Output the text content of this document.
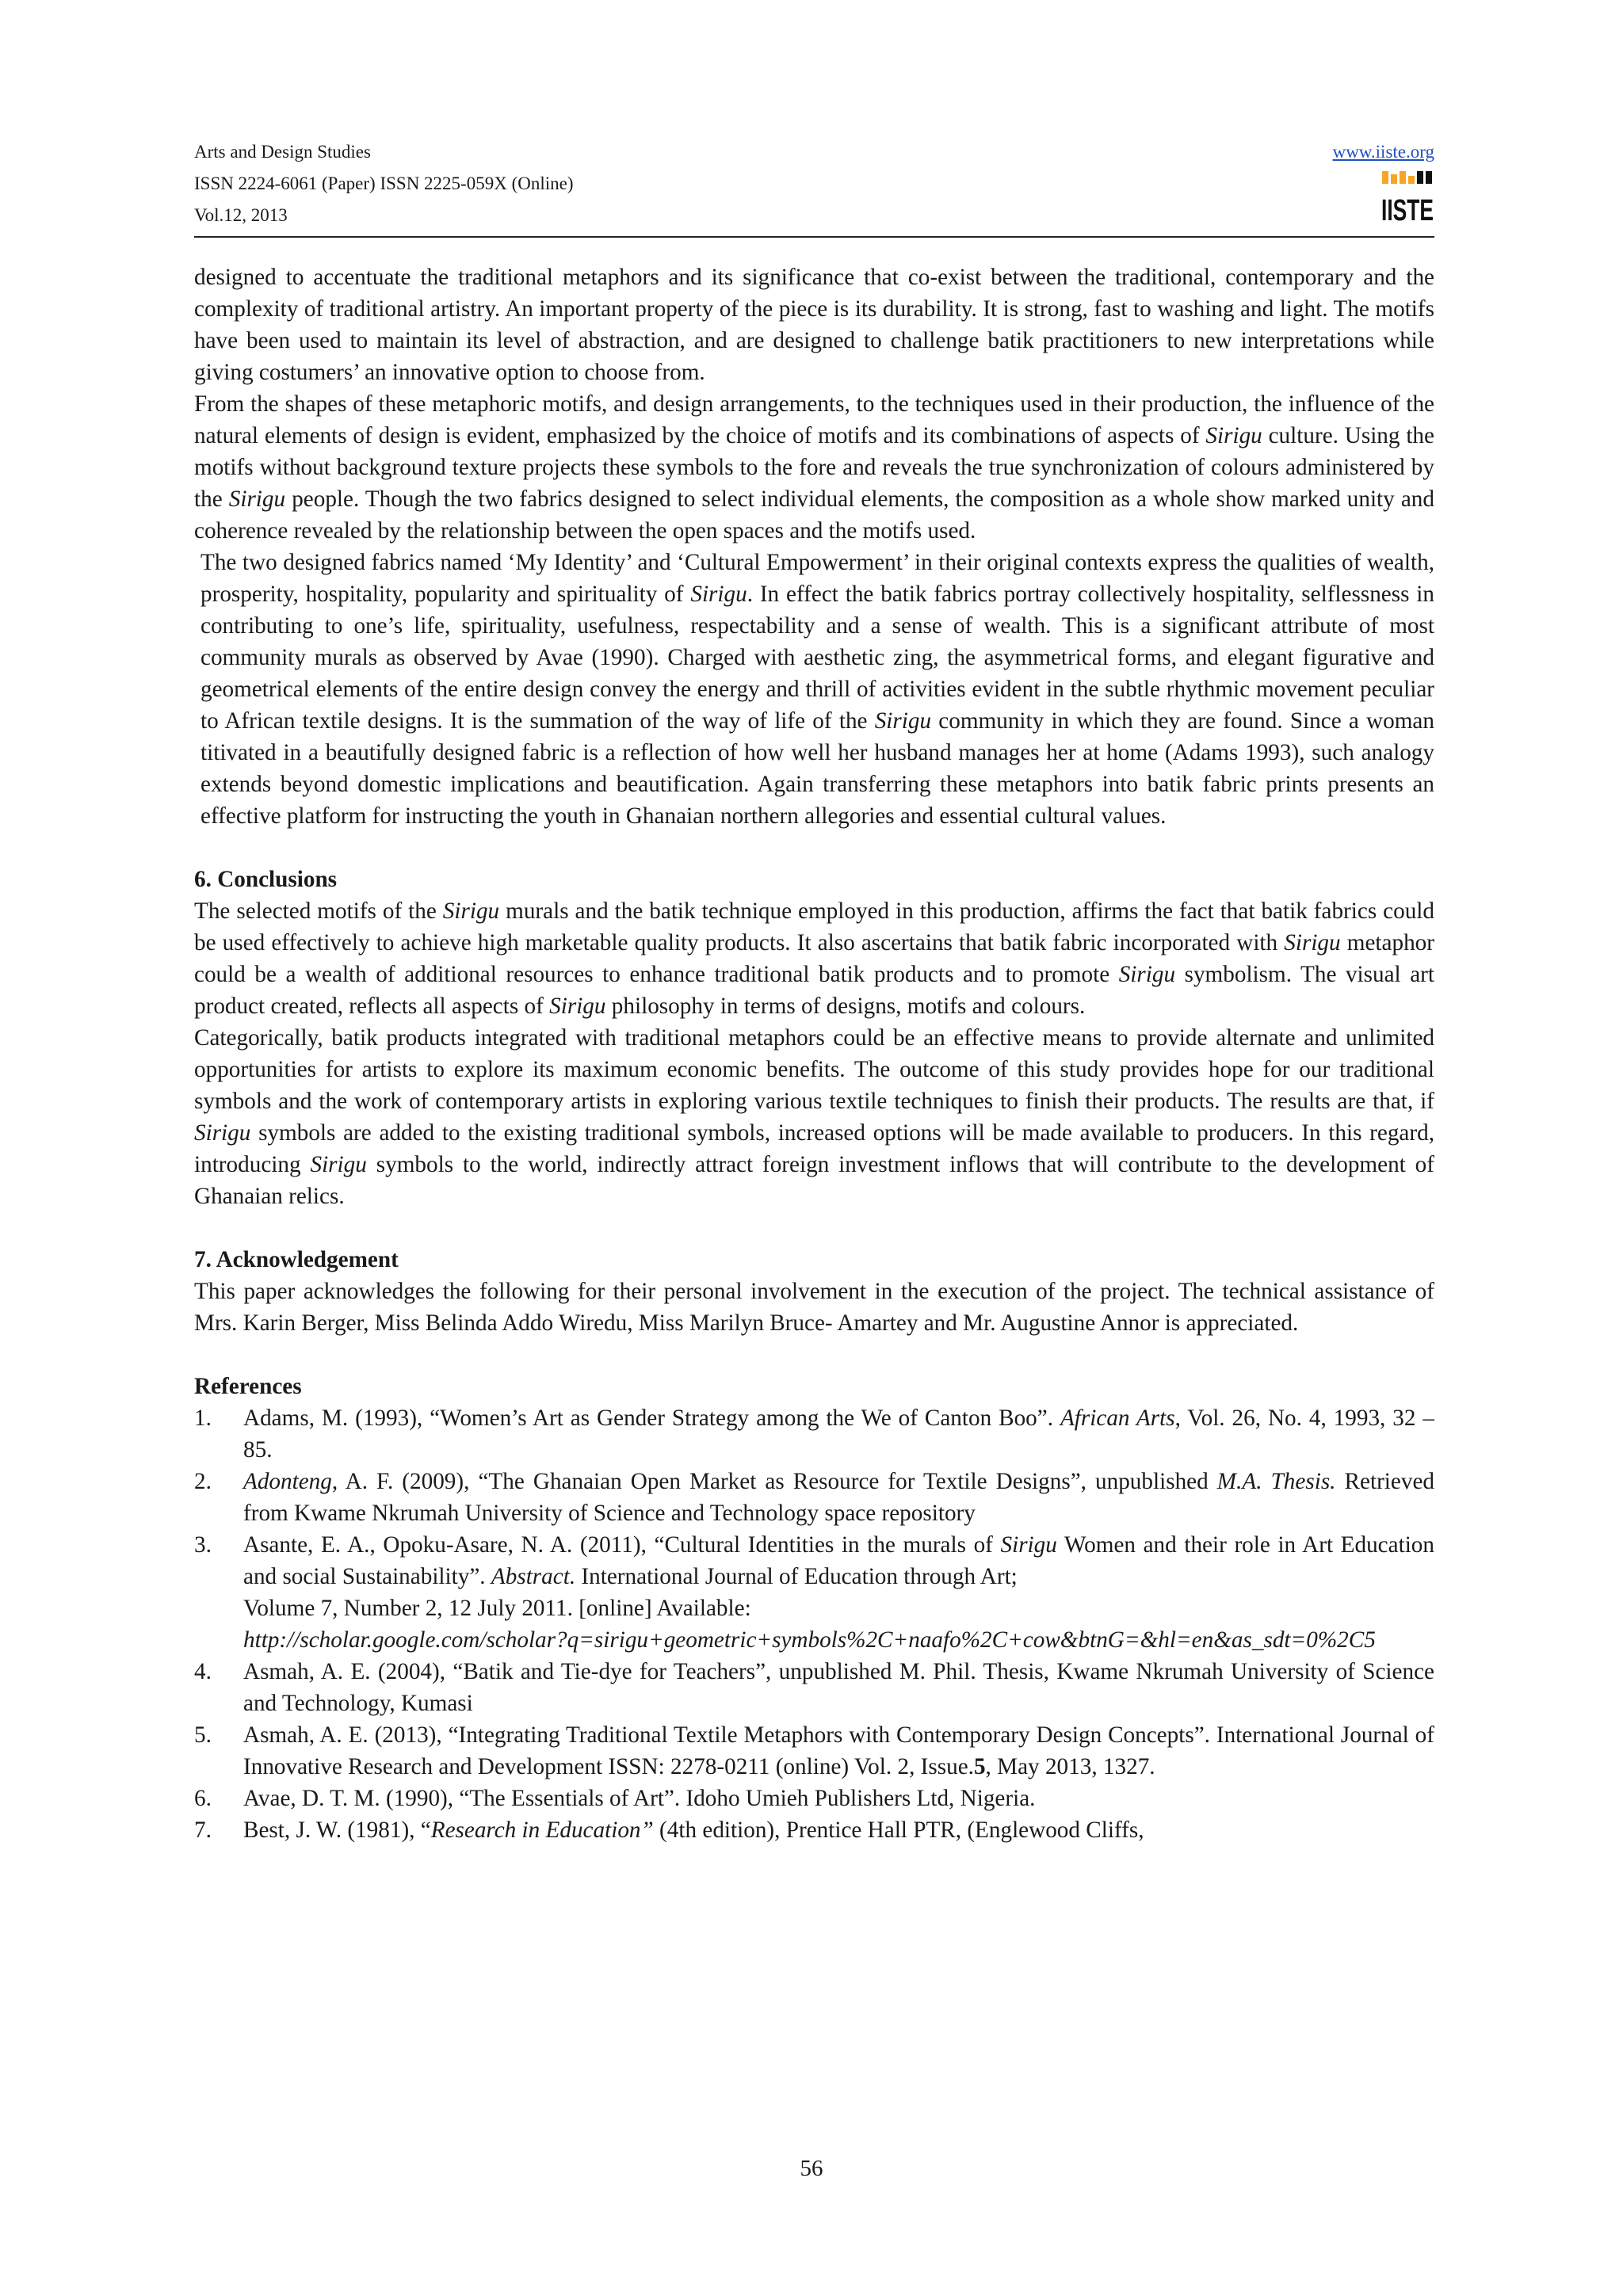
Arts and Design Studies
ISSN 2224-6061 (Paper) ISSN 2225-059X (Online)
Vol.12, 2013
www.iiste.org
IISTE

designed to accentuate the traditional metaphors and its significance that co-exist between the traditional, contemporary and the complexity of traditional artistry. An important property of the piece is its durability. It is strong, fast to washing and light. The motifs have been used to maintain its level of abstraction, and are designed to challenge batik practitioners to new interpretations while giving costumers’ an innovative option to choose from.

From the shapes of these metaphoric motifs, and design arrangements, to the techniques used in their production, the influence of the natural elements of design is evident, emphasized by the choice of motifs and its combinations of aspects of Sirigu culture. Using the motifs without background texture projects these symbols to the fore and reveals the true synchronization of colours administered by the Sirigu people. Though the two fabrics designed to select individual elements, the composition as a whole show marked unity and coherence revealed by the relationship between the open spaces and the motifs used.

The two designed fabrics named ‘My Identity’ and ‘Cultural Empowerment’ in their original contexts express the qualities of wealth, prosperity, hospitality, popularity and spirituality of Sirigu. In effect the batik fabrics portray collectively hospitality, selflessness in contributing to one’s life, spirituality, usefulness, respectability and a sense of wealth. This is a significant attribute of most community murals as observed by Avae (1990). Charged with aesthetic zing, the asymmetrical forms, and elegant figurative and geometrical elements of the entire design convey the energy and thrill of activities evident in the subtle rhythmic movement peculiar to African textile designs. It is the summation of the way of life of the Sirigu community in which they are found. Since a woman titivated in a beautifully designed fabric is a reflection of how well her husband manages her at home (Adams 1993), such analogy extends beyond domestic implications and beautification. Again transferring these metaphors into batik fabric prints presents an effective platform for instructing the youth in Ghanaian northern allegories and essential cultural values.

6. Conclusions

The selected motifs of the Sirigu murals and the batik technique employed in this production, affirms the fact that batik fabrics could be used effectively to achieve high marketable quality products. It also ascertains that batik fabric incorporated with Sirigu metaphor could be a wealth of additional resources to enhance traditional batik products and to promote Sirigu symbolism. The visual art product created, reflects all aspects of Sirigu philosophy in terms of designs, motifs and colours.

Categorically, batik products integrated with traditional metaphors could be an effective means to provide alternate and unlimited opportunities for artists to explore its maximum economic benefits. The outcome of this study provides hope for our traditional symbols and the work of contemporary artists in exploring various textile techniques to finish their products. The results are that, if Sirigu symbols are added to the existing traditional symbols, increased options will be made available to producers. In this regard, introducing Sirigu symbols to the world, indirectly attract foreign investment inflows that will contribute to the development of Ghanaian relics.

7. Acknowledgement

This paper acknowledges the following for their personal involvement in the execution of the project. The technical assistance of Mrs. Karin Berger, Miss Belinda Addo Wiredu, Miss Marilyn Bruce- Amartey and Mr. Augustine Annor is appreciated.

References
1. Adams, M. (1993), “Women’s Art as Gender Strategy among the We of Canton Boo”. African Arts, Vol. 26, No. 4, 1993, 32 – 85.
2. Adonteng, A. F. (2009), “The Ghanaian Open Market as Resource for Textile Designs”, unpublished M.A. Thesis. Retrieved from Kwame Nkrumah University of Science and Technology space repository
3. Asante, E. A., Opoku-Asare, N. A. (2011), “Cultural Identities in the murals of Sirigu Women and their role in Art Education and social Sustainability”. Abstract. International Journal of Education through Art;
Volume 7, Number 2, 12 July 2011. [online] Available:
http://scholar.google.com/scholar?q=sirigu+geometric+symbols%2C+naafo%2C+cow&btnG=&hl=en&as_sdt=0%2C5
4. Asmah, A. E. (2004), “Batik and Tie-dye for Teachers”, unpublished M. Phil. Thesis, Kwame Nkrumah University of Science and Technology, Kumasi
5. Asmah, A. E. (2013), “Integrating Traditional Textile Metaphors with Contemporary Design Concepts”. International Journal of Innovative Research and Development ISSN: 2278-0211 (online) Vol. 2, Issue.5, May 2013, 1327.
6. Avae, D. T. M. (1990), “The Essentials of Art”. Idoho Umieh Publishers Ltd, Nigeria.
7. Best, J. W. (1981), “Research in Education” (4th edition), Prentice Hall PTR, (Englewood Cliffs,
56
